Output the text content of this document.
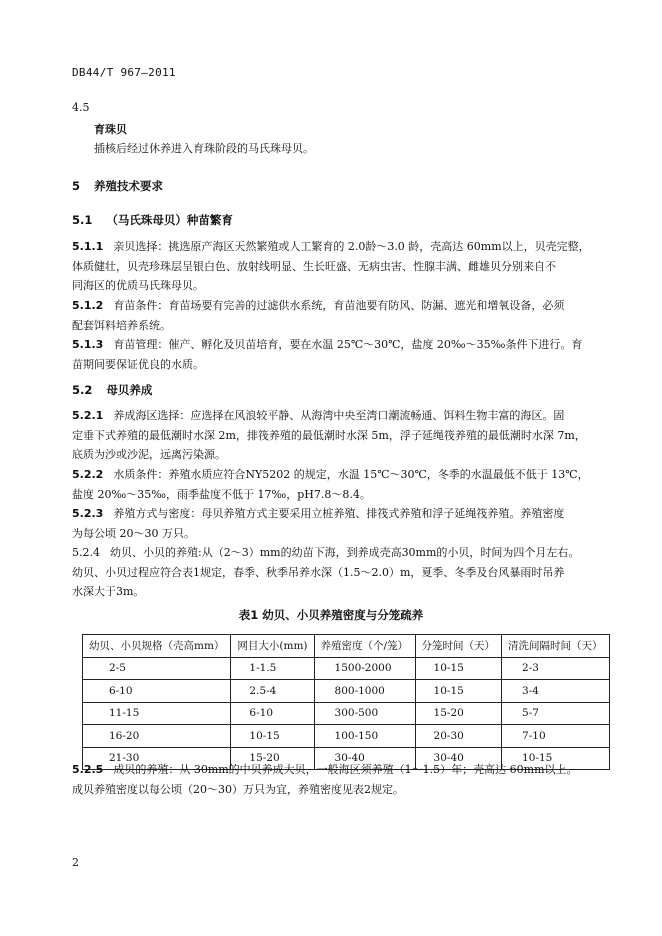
DB44/T 967—2011
4.5
育珠贝
插核后经过休养进入育珠阶段的马氏珠母贝。
5 养殖技术要求
5.1 （马氏珠母贝）种苗繁育
5.1.1 亲贝选择：挑选原产海区天然繁殖或人工繁育的 2.0龄～3.0 龄，壳高达 60mm以上，贝壳完整，
体质健壮，贝壳珍珠层呈银白色、放射线明显、生长旺盛、无病虫害、性腺丰满、雌雄贝分别来自不
同海区的优质马氏珠母贝。
5.1.2 育苗条件：育苗场要有完善的过滤供水系统，育苗池要有防风、防漏、遮光和增氧设备，必须
配套饵料培养系统。
5.1.3 育苗管理：催产、孵化及贝苗培育，要在水温 25℃～30℃，盐度 20‰～35‰条件下进行。育
苗期间要保证优良的水质。
5.2 母贝养成
5.2.1 养成海区选择：应选择在风浪较平静、从海湾中央至湾口潮流畅通、饵料生物丰富的海区。固
定垂下式养殖的最低潮时水深 2m，排筏养殖的最低潮时水深 5m，浮子延绳筏养殖的最低潮时水深 7m，
底质为沙或沙泥，远离污染源。
5.2.2 水质条件：养殖水质应符合NY5202 的规定，水温 15℃～30℃，冬季的水温最低不低于 13℃，
盐度 20‰～35‰，雨季盐度不低于 17‰，pH7.8～8.4。
5.2.3 养殖方式与密度：母贝养殖方式主要采用立桩养殖、排筏式养殖和浮子延绳筏养殖。养殖密度
为每公顷 20～30 万只。
5.2.4 幼贝、小贝的养殖:从（2～3）mm的幼苗下海，到养成壳高30mm的小贝，时间为四个月左右。
幼贝、小贝过程应符合表1规定，春季、秋季吊养水深（1.5～2.0）m，夏季、冬季及台风暴雨时吊养
水深大于3m。
表1 幼贝、小贝养殖密度与分笼疏养
幼贝、小贝规格（壳高mm）	网目大小(mm)	养殖密度（个/笼）	分笼时间（天）	清洗间隔时间（天）
2-5	1-1.5	1500-2000	10-15	2-3
6-10	2.5-4	800-1000	10-15	3-4
11-15	6-10	300-500	15-20	5-7
16-20	10-15	100-150	20-30	7-10
21-30	15-20	30-40	30-40	10-15
5.2.5 成贝的养殖：从 30mm的中贝养成大贝，一般海区须养殖（1～1.5）年；壳高达 60mm以上。
成贝养殖密度以每公顷（20～30）万只为宜，养殖密度见表2规定。
2
